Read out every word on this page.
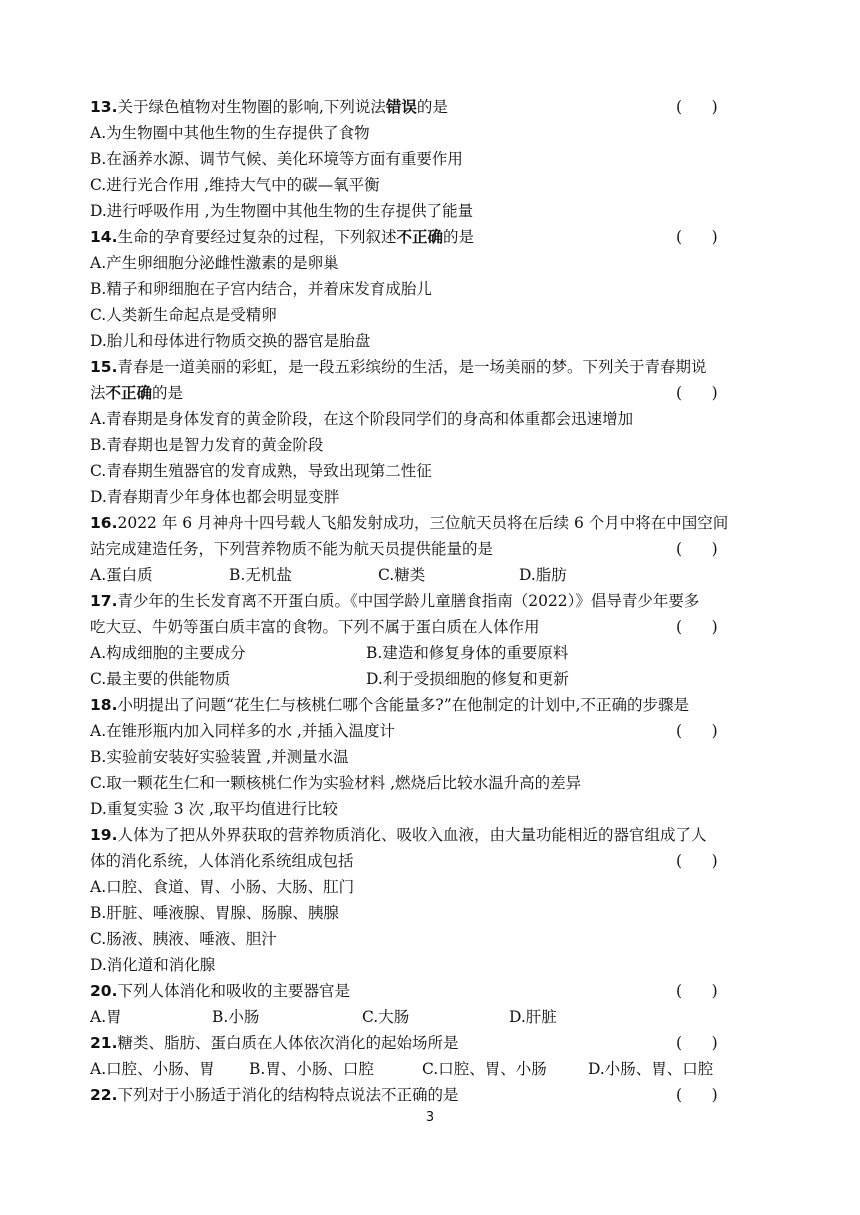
13.关于绿色植物对生物圈的影响,下列说法错误的是	(      )
A.为生物圈中其他生物的生存提供了食物
B.在涵养水源、调节气候、美化环境等方面有重要作用
C.进行光合作用 ,维持大气中的碳—氧平衡
D.进行呼吸作用 ,为生物圈中其他生物的生存提供了能量
14.生命的孕育要经过复杂的过程，下列叙述不正确的是	(      )
A.产生卵细胞分泌雌性激素的是卵巢
B.精子和卵细胞在子宫内结合，并着床发育成胎儿
C.人类新生命起点是受精卵
D.胎儿和母体进行物质交换的器官是胎盘
15.青春是一道美丽的彩虹，是一段五彩缤纷的生活，是一场美丽的梦。下列关于青春期说
法不正确的是	(      )
A.青春期是身体发育的黄金阶段，在这个阶段同学们的身高和体重都会迅速增加
B.青春期也是智力发育的黄金阶段
C.青春期生殖器官的发育成熟，导致出现第二性征
D.青春期青少年身体也都会明显变胖
16.2022 年 6 月神舟十四号载人飞船发射成功，三位航天员将在后续 6 个月中将在中国空间
站完成建造任务，下列营养物质不能为航天员提供能量的是	(      )
A.蛋白质	B.无机盐	C.糖类	D.脂肪
17.青少年的生长发育离不开蛋白质。《中国学龄儿童膳食指南（2022）》倡导青少年要多
吃大豆、牛奶等蛋白质丰富的食物。下列不属于蛋白质在人体作用	(      )
A.构成细胞的主要成分	B.建造和修复身体的重要原料
C.最主要的供能物质	D.利于受损细胞的修复和更新
18.小明提出了问题“花生仁与核桃仁哪个含能量多?”在他制定的计划中,不正确的步骤是
A.在锥形瓶内加入同样多的水 ,并插入温度计	(      )
B.实验前安装好实验装置 ,并测量水温
C.取一颗花生仁和一颗核桃仁作为实验材料 ,燃烧后比较水温升高的差异
D.重复实验 3 次 ,取平均值进行比较
19.人体为了把从外界获取的营养物质消化、吸收入血液，由大量功能相近的器官组成了人
体的消化系统，人体消化系统组成包括	(      )
A.口腔、食道、胃、小肠、大肠、肛门
B.肝脏、唾液腺、胃腺、肠腺、胰腺
C.肠液、胰液、唾液、胆汁
D.消化道和消化腺
20.下列人体消化和吸收的主要器官是	(      )
A.胃	B.小肠	C.大肠	D.肝脏
21.糖类、脂肪、蛋白质在人体依次消化的起始场所是	(      )
A.口腔、小肠、胃 B.胃、小肠、口腔	C.口腔、胃、小肠	D.小肠、胃、口腔
22.下列对于小肠适于消化的结构特点说法不正确的是	(      )
3
